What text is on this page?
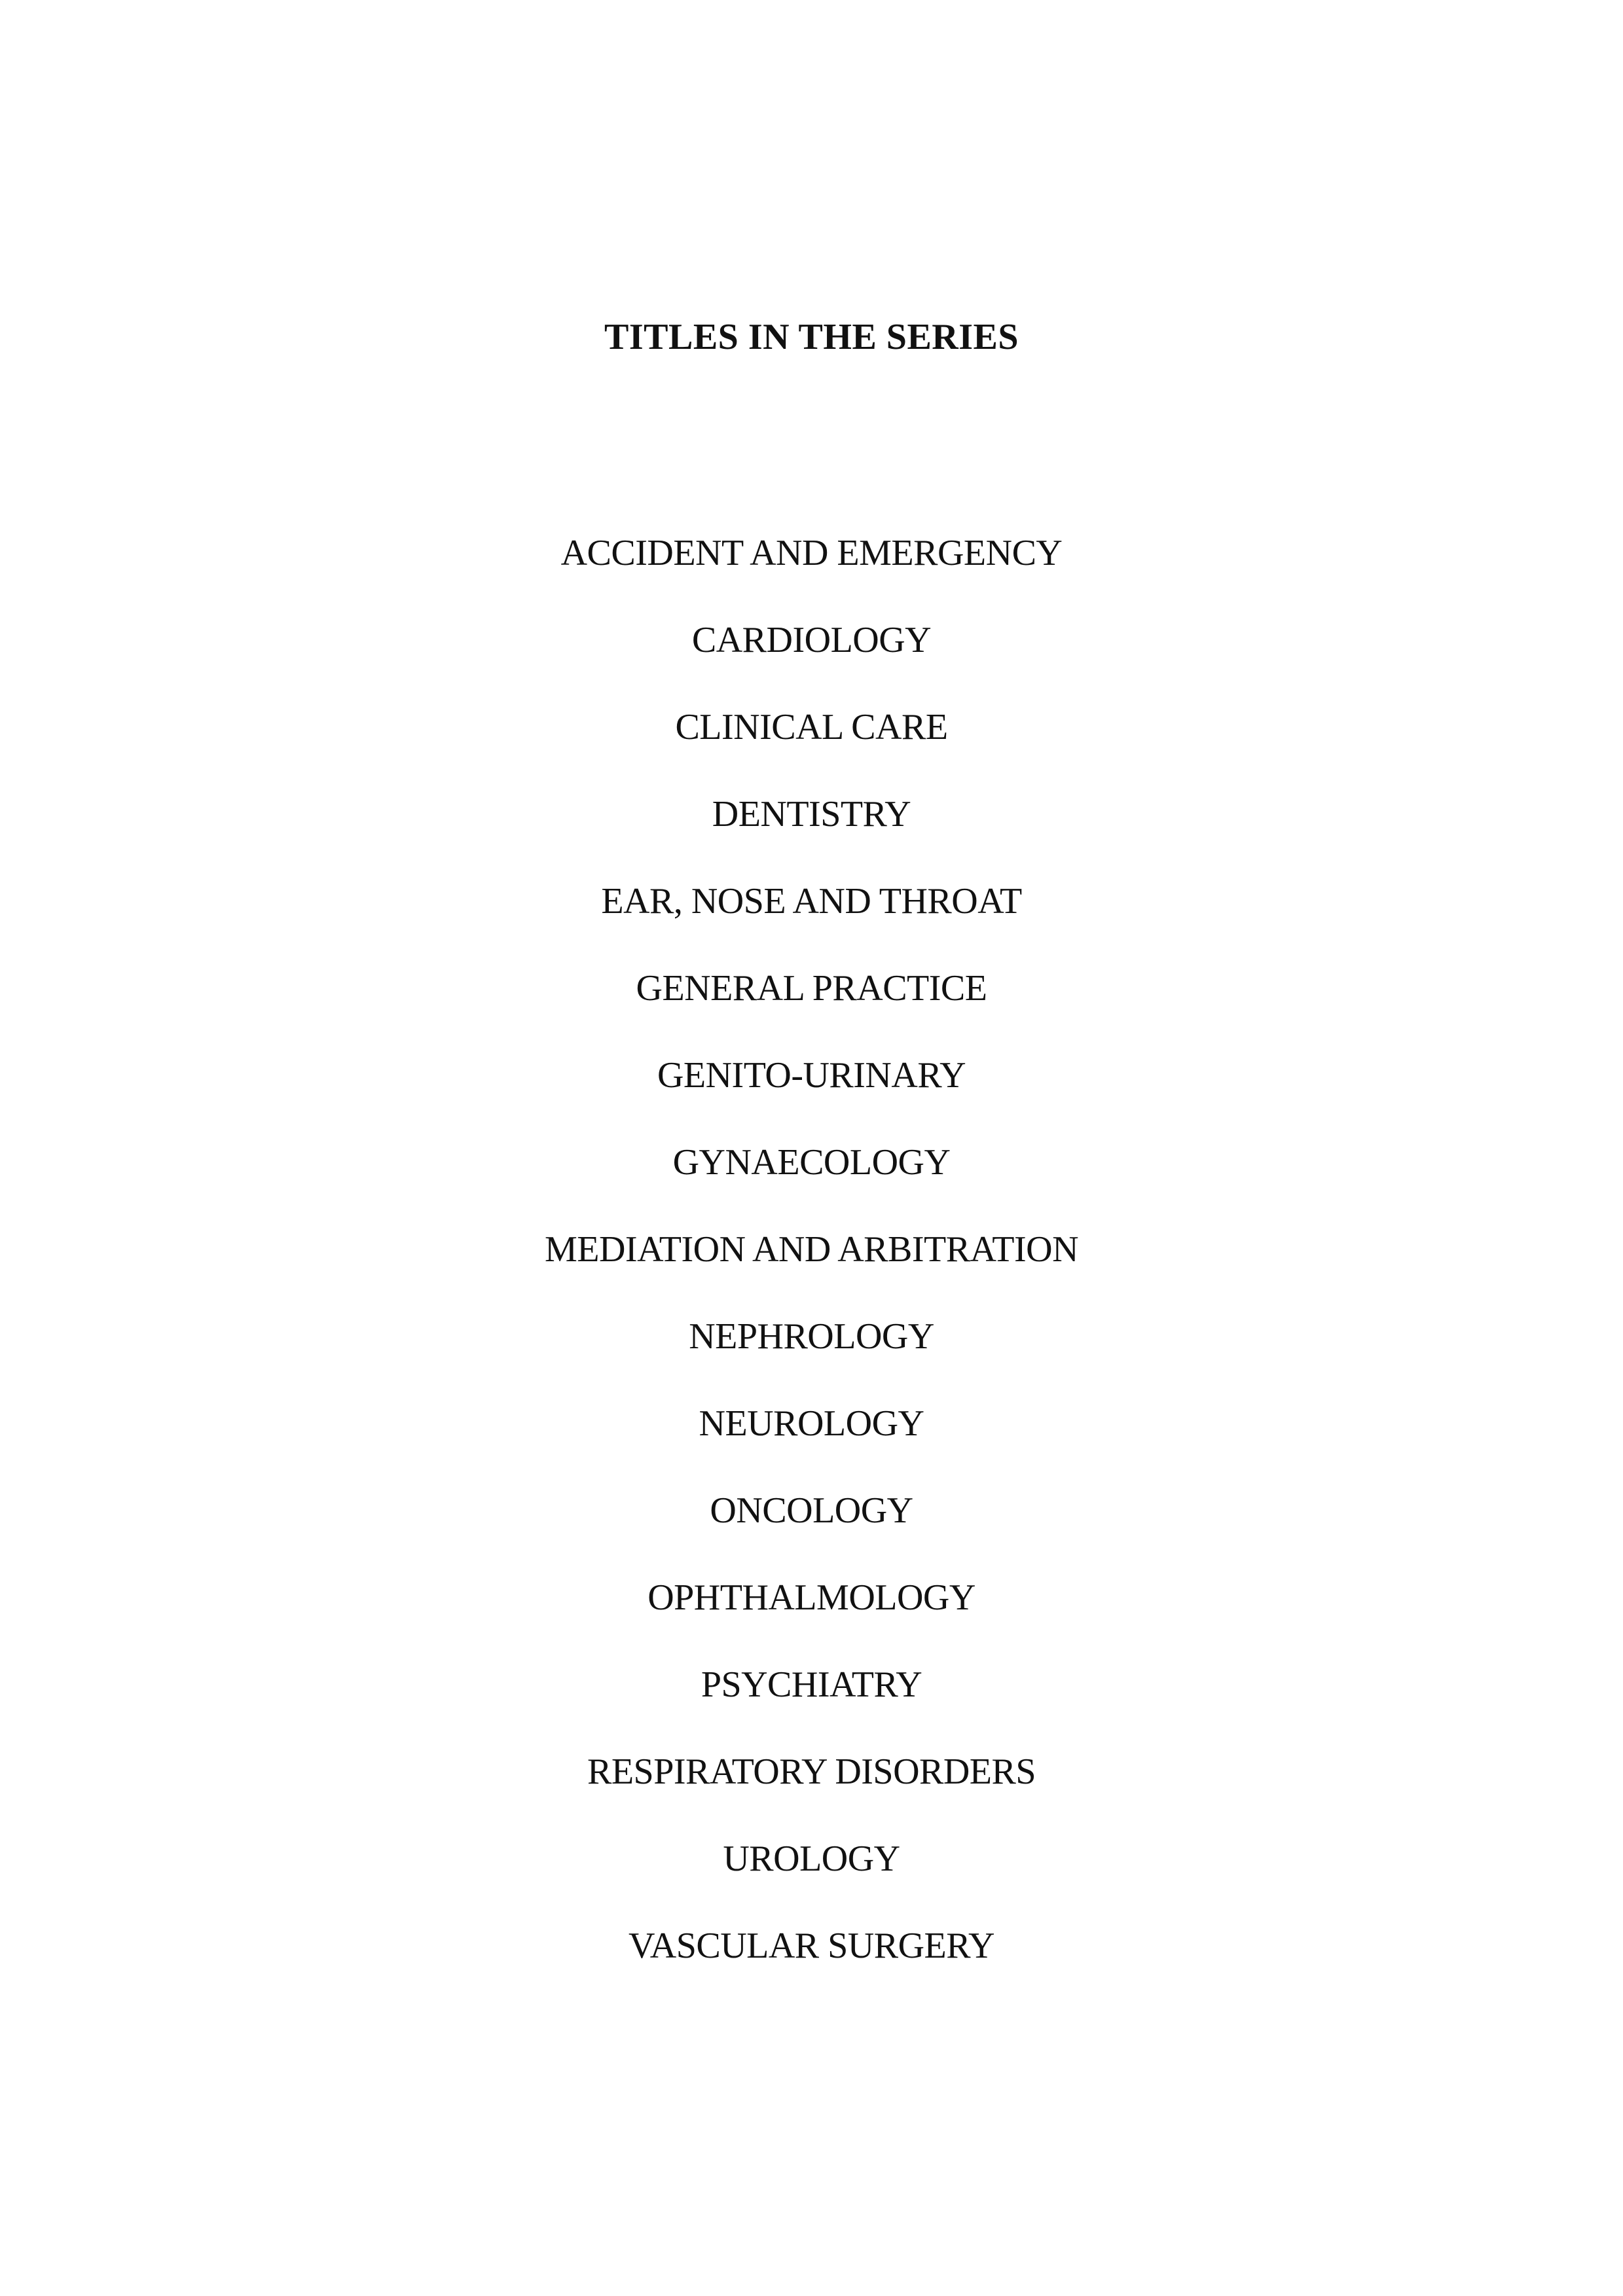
TITLES IN THE SERIES
ACCIDENT AND EMERGENCY
CARDIOLOGY
CLINICAL CARE
DENTISTRY
EAR, NOSE AND THROAT
GENERAL PRACTICE
GENITO-URINARY
GYNAECOLOGY
MEDIATION AND ARBITRATION
NEPHROLOGY
NEUROLOGY
ONCOLOGY
OPHTHALMOLOGY
PSYCHIATRY
RESPIRATORY DISORDERS
UROLOGY
VASCULAR SURGERY
